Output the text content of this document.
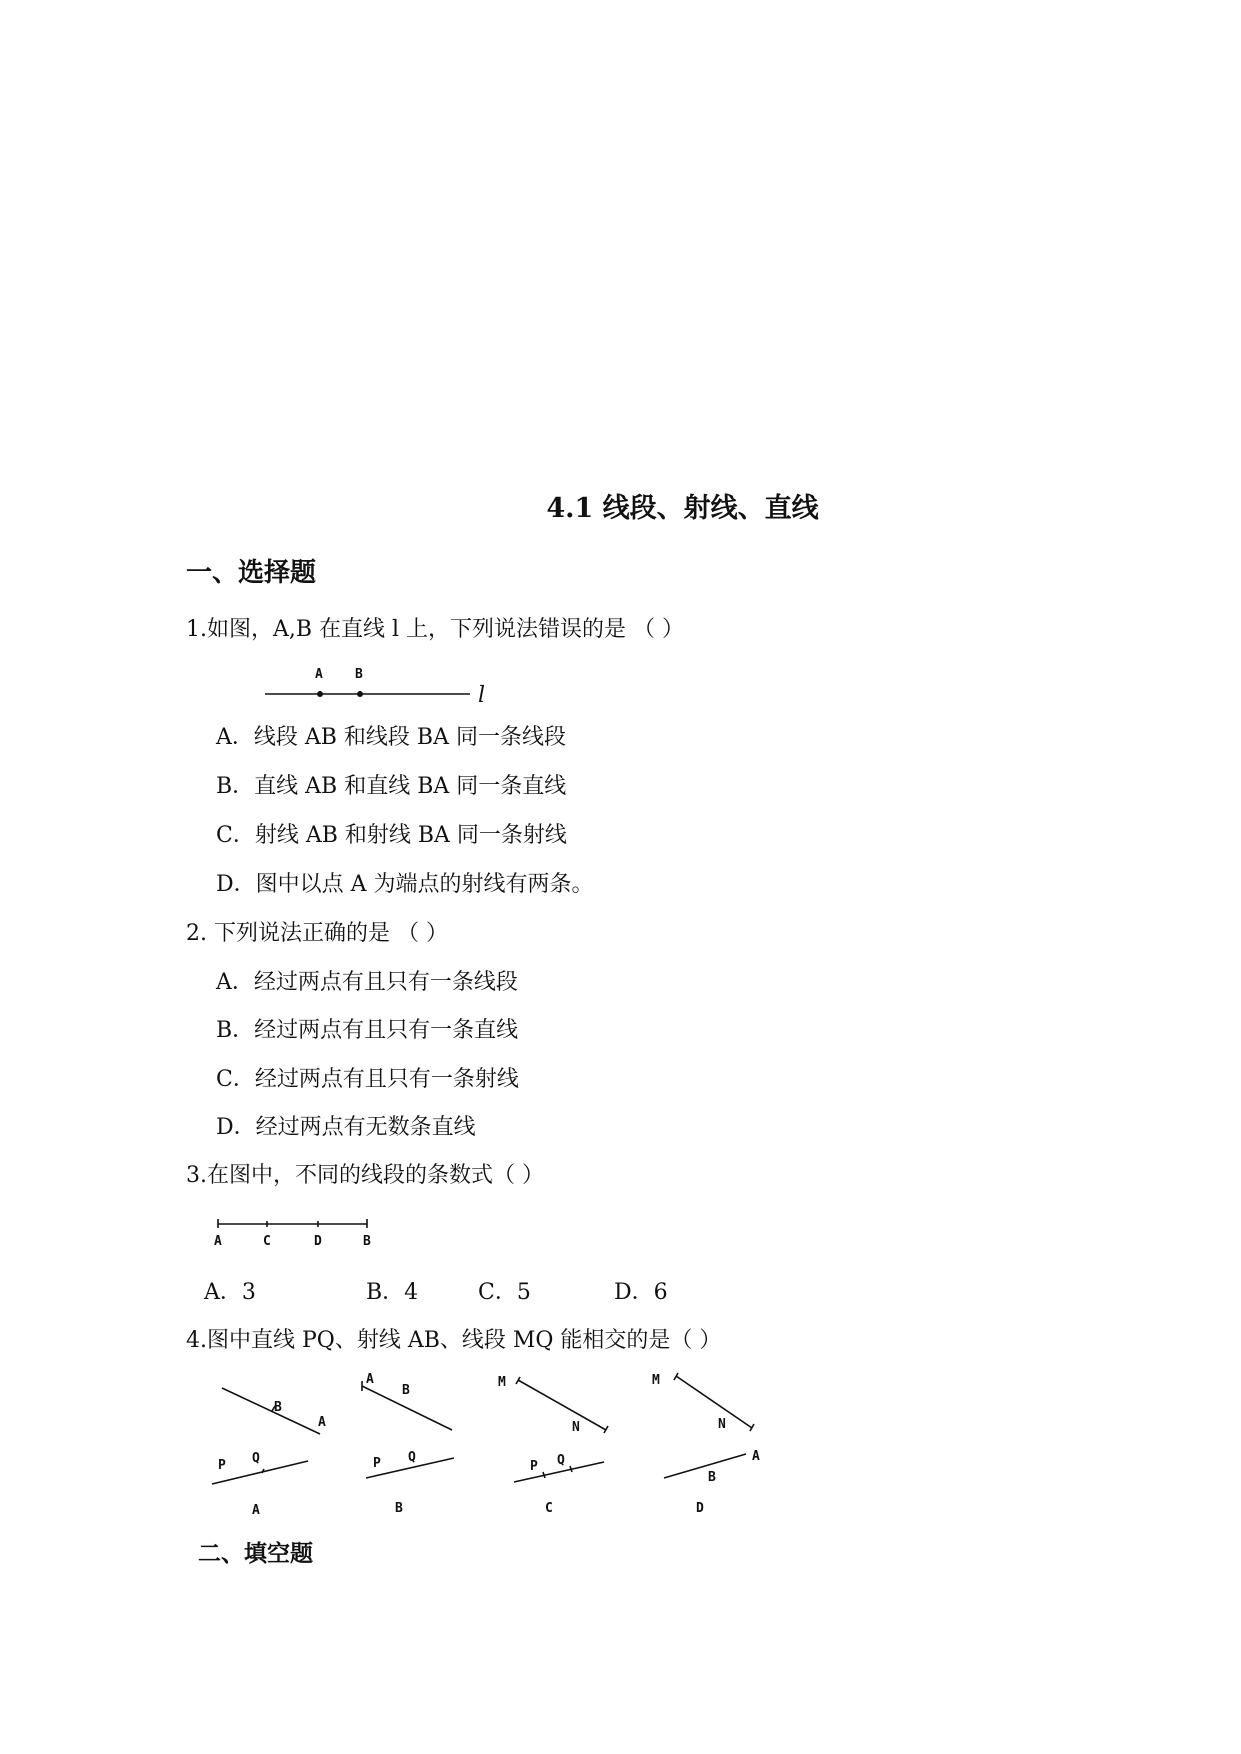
4.1 线段、射线、直线
一、选择题
1.如图，A,B 在直线 l 上，下列说法错误的是 （ ）
A B
l
A．线段 AB 和线段 BA 同一条线段
B．直线 AB 和直线 BA 同一条直线
C．射线 AB 和射线 BA 同一条射线
D．图中以点 A 为端点的射线有两条。
2. 下列说法正确的是 （ ）
A．经过两点有且只有一条线段
B．经过两点有且只有一条直线
C．经过两点有且只有一条射线
D．经过两点有无数条直线
3.在图中，不同的线段的条数式（ ）
A	C	D	B
A．3	B．4	C．5	D．6
4.图中直线 PQ、射线 AB、线段 MQ 能相交的是（ ）
B
A
P Q
A
A
B
P Q
B
M
N
P Q
C
M
N
A
B
D
二、填空题
